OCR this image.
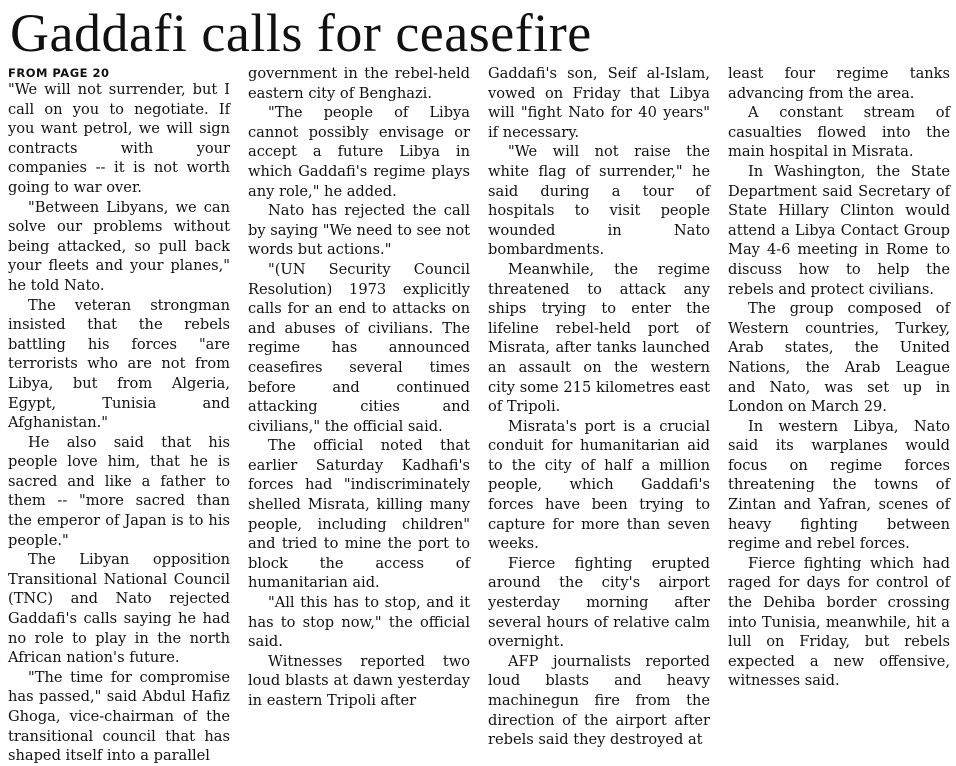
Gaddafi calls for ceasefire
FROM PAGE 20

"We will not surrender, but I call on you to negotiate. If you want petrol, we will sign contracts with your companies -- it is not worth going to war over.

"Between Libyans, we can solve our problems without being attacked, so pull back your fleets and your planes," he told Nato.

The veteran strongman insisted that the rebels battling his forces "are terrorists who are not from Libya, but from Algeria, Egypt, Tunisia and Afghanistan."

He also said that his people love him, that he is sacred and like a father to them -- "more sacred than the emperor of Japan is to his people."

The Libyan opposition Transitional National Council (TNC) and Nato rejected Gaddafi's calls saying he had no role to play in the north African nation's future.

"The time for compromise has passed," said Abdul Hafiz Ghoga, vice-chairman of the transitional council that has shaped itself into a parallel

government in the rebel-held eastern city of Benghazi.

"The people of Libya cannot possibly envisage or accept a future Libya in which Gaddafi's regime plays any role," he added.

Nato has rejected the call by saying "We need to see not words but actions."

"(UN Security Council Resolution) 1973 explicitly calls for an end to attacks on and abuses of civilians. The regime has announced ceasefires several times before and continued attacking cities and civilians," the official said.

The official noted that earlier Saturday Kadhafi's forces had "indiscriminately shelled Misrata, killing many people, including children" and tried to mine the port to block the access of humanitarian aid.

"All this has to stop, and it has to stop now," the official said.

Witnesses reported two loud blasts at dawn yesterday in eastern Tripoli after

Gaddafi's son, Seif al-Islam, vowed on Friday that Libya will "fight Nato for 40 years" if necessary.

"We will not raise the white flag of surrender," he said during a tour of hospitals to visit people wounded in Nato bombardments.

Meanwhile, the regime threatened to attack any ships trying to enter the lifeline rebel-held port of Misrata, after tanks launched an assault on the western city some 215 kilometres east of Tripoli.

Misrata's port is a crucial conduit for humanitarian aid to the city of half a million people, which Gaddafi's forces have been trying to capture for more than seven weeks.

Fierce fighting erupted around the city's airport yesterday morning after several hours of relative calm overnight.

AFP journalists reported loud blasts and heavy machinegun fire from the direction of the airport after rebels said they destroyed at

least four regime tanks advancing from the area.

A constant stream of casualties flowed into the main hospital in Misrata.

In Washington, the State Department said Secretary of State Hillary Clinton would attend a Libya Contact Group May 4-6 meeting in Rome to discuss how to help the rebels and protect civilians.

The group composed of Western countries, Turkey, Arab states, the United Nations, the Arab League and Nato, was set up in London on March 29.

In western Libya, Nato said its warplanes would focus on regime forces threatening the towns of Zintan and Yafran, scenes of heavy fighting between regime and rebel forces.

Fierce fighting which had raged for days for control of the Dehiba border crossing into Tunisia, meanwhile, hit a lull on Friday, but rebels expected a new offensive, witnesses said.
